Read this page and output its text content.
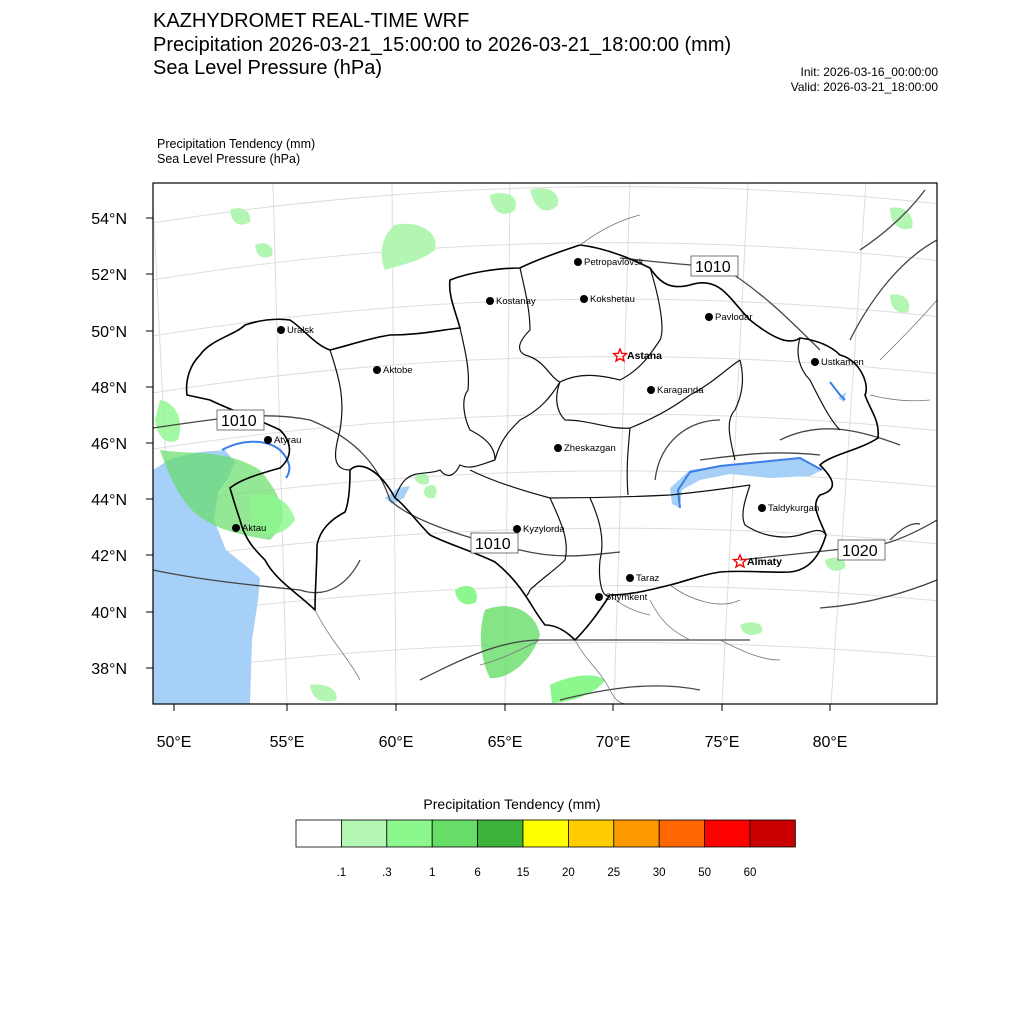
KAZHYDROMET REAL-TIME WRF
Precipitation 2026-03-21_15:00:00 to 2026-03-21_18:00:00 (mm)
Sea Level Pressure (hPa)	Init: 2026-03-16_00:00:00
Valid: 2026-03-21_18:00:00
Precipitation Tendency (mm)
Sea Level Pressure (hPa)
54°N
52°N
50°N
48°N
46°N
44°N
42°N
40°N
38°N
50°E	55°E	60°E	65°E	70°E	75°E	80°E
1010
1010
1010
1020
Petropavlovsk
Kostanay	Kokshetau
Pavlodar
Uralsk
Astana
Ustkamen
Aktobe
Karaganda
Atyrau
Zheskazgan
Aktau	Kyzylorda
Taldykurgan
Almaty
Taraz
Shymkent
Precipitation Tendency (mm)
.1	.3	1	6	15	20	25	30	50	60
